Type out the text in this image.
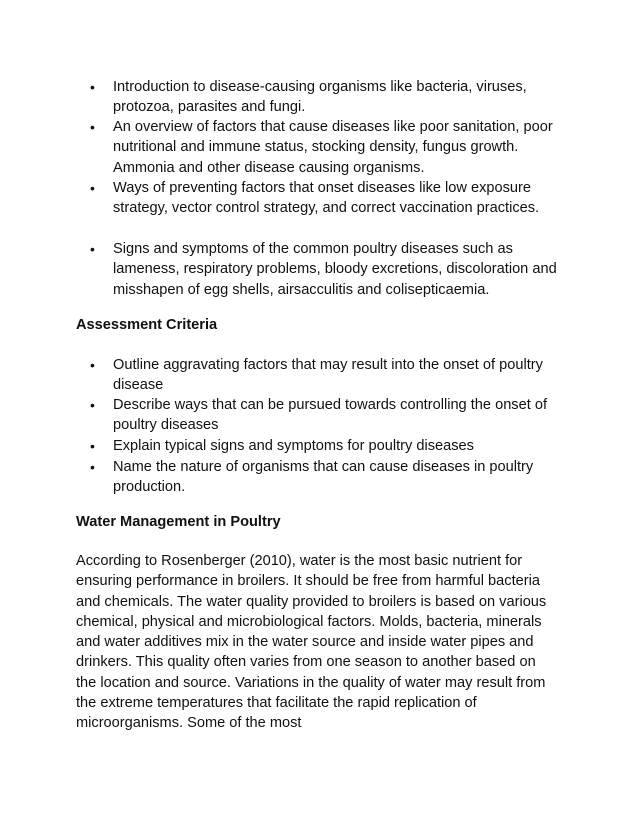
• Introduction to disease-causing organisms like bacteria, viruses, protozoa, parasites and fungi.
• An overview of factors that cause diseases like poor sanitation, poor nutritional and immune status, stocking density, fungus growth. Ammonia and other disease causing organisms.
• Ways of preventing factors that onset diseases like low exposure strategy, vector control strategy, and correct vaccination practices.
• Signs and symptoms of the common poultry diseases such as lameness, respiratory problems, bloody excretions, discoloration and misshapen of egg shells, airsacculitis and colisepticaemia.
Assessment Criteria
• Outline aggravating factors that may result into the onset of poultry disease
• Describe ways that can be pursued towards controlling the onset of poultry diseases
• Explain typical signs and symptoms for poultry diseases
• Name the nature of organisms that can cause diseases in poultry production.
Water Management in Poultry

According to Rosenberger (2010), water is the most basic nutrient for ensuring performance in broilers. It should be free from harmful bacteria and chemicals. The water quality provided to broilers is based on various chemical, physical and microbiological factors. Molds, bacteria, minerals and water additives mix in the water source and inside water pipes and drinkers. This quality often varies from one season to another based on the location and source. Variations in the quality of water may result from the extreme temperatures that facilitate the rapid replication of microorganisms. Some of the most
